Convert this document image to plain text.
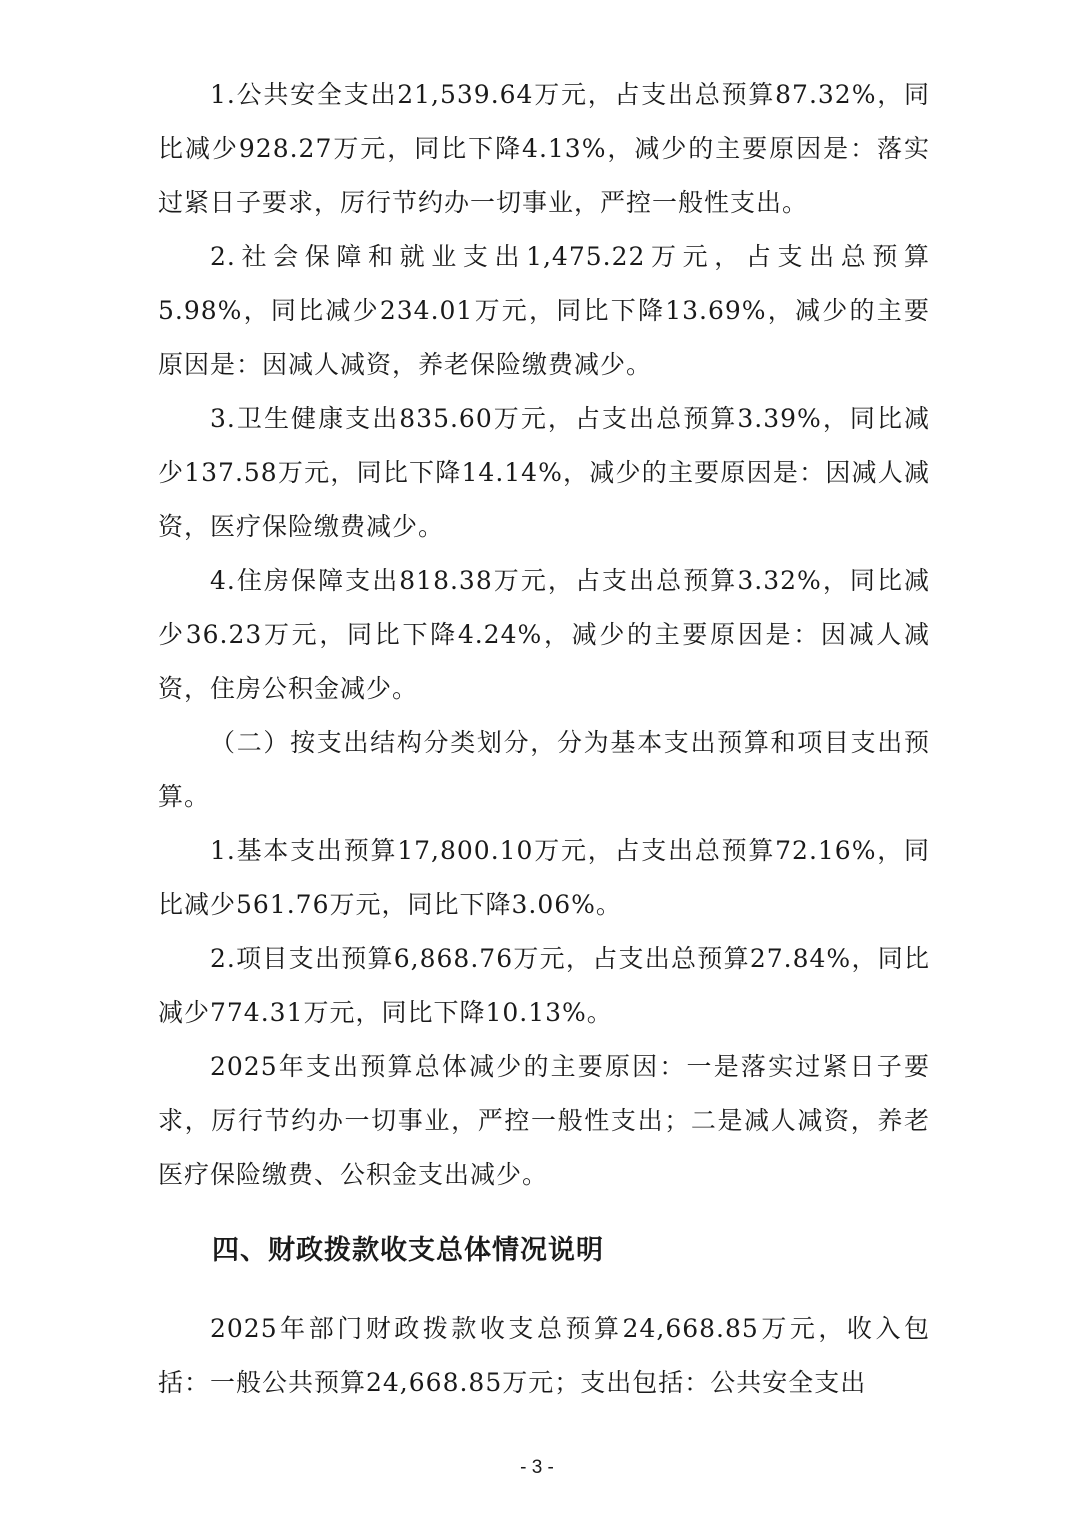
1.公共安全支出21,539.64万元，占支出总预算87.32%，同比减少928.27万元，同比下降4.13%，减少的主要原因是：落实过紧日子要求，厉行节约办一切事业，严控一般性支出。

2.社会保障和就业支出1,475.22万元，占支出总预算5.98%，同比减少234.01万元，同比下降13.69%，减少的主要原因是：因减人减资，养老保险缴费减少。

3.卫生健康支出835.60万元，占支出总预算3.39%，同比减少137.58万元，同比下降14.14%，减少的主要原因是：因减人减资，医疗保险缴费减少。

4.住房保障支出818.38万元，占支出总预算3.32%，同比减少36.23万元，同比下降4.24%，减少的主要原因是：因减人减资，住房公积金减少。

（二）按支出结构分类划分，分为基本支出预算和项目支出预算。

1.基本支出预算17,800.10万元，占支出总预算72.16%，同比减少561.76万元，同比下降3.06%。

2.项目支出预算6,868.76万元，占支出总预算27.84%，同比减少774.31万元，同比下降10.13%。

2025年支出预算总体减少的主要原因：一是落实过紧日子要求，厉行节约办一切事业，严控一般性支出；二是减人减资，养老医疗保险缴费、公积金支出减少。

四、财政拨款收支总体情况说明

2025年部门财政拨款收支总预算24,668.85万元，收入包括：一般公共预算24,668.85万元；支出包括：公共安全支出

- 3 -
